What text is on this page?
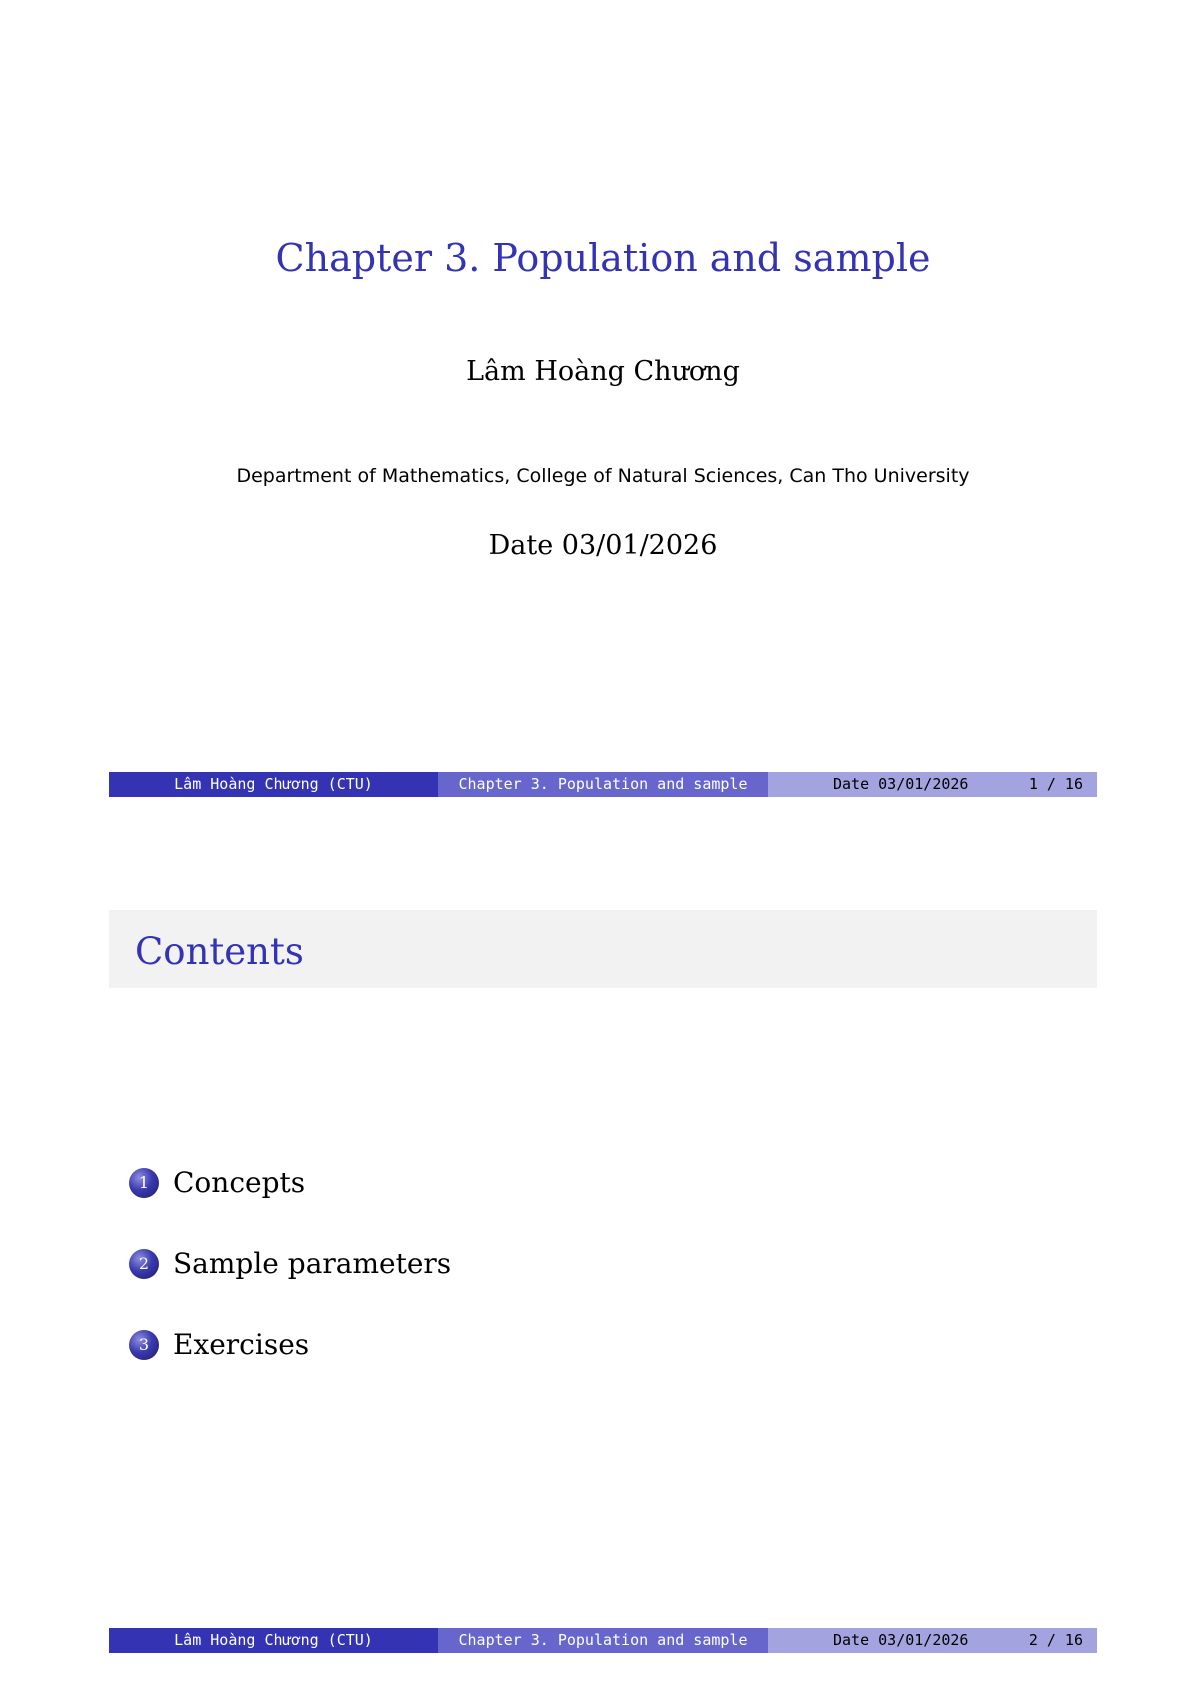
Chapter 3. Population and sample
Lâm Hoàng Chương
Department of Mathematics, College of Natural Sciences, Can Tho University
Date 03/01/2026
Lâm Hoàng Chương (CTU)	Chapter 3. Population and sample	Date 03/01/2026	1 / 16
Contents
1 Concepts
2 Sample parameters
3 Exercises
Lâm Hoàng Chương (CTU)	Chapter 3. Population and sample	Date 03/01/2026	2 / 16
